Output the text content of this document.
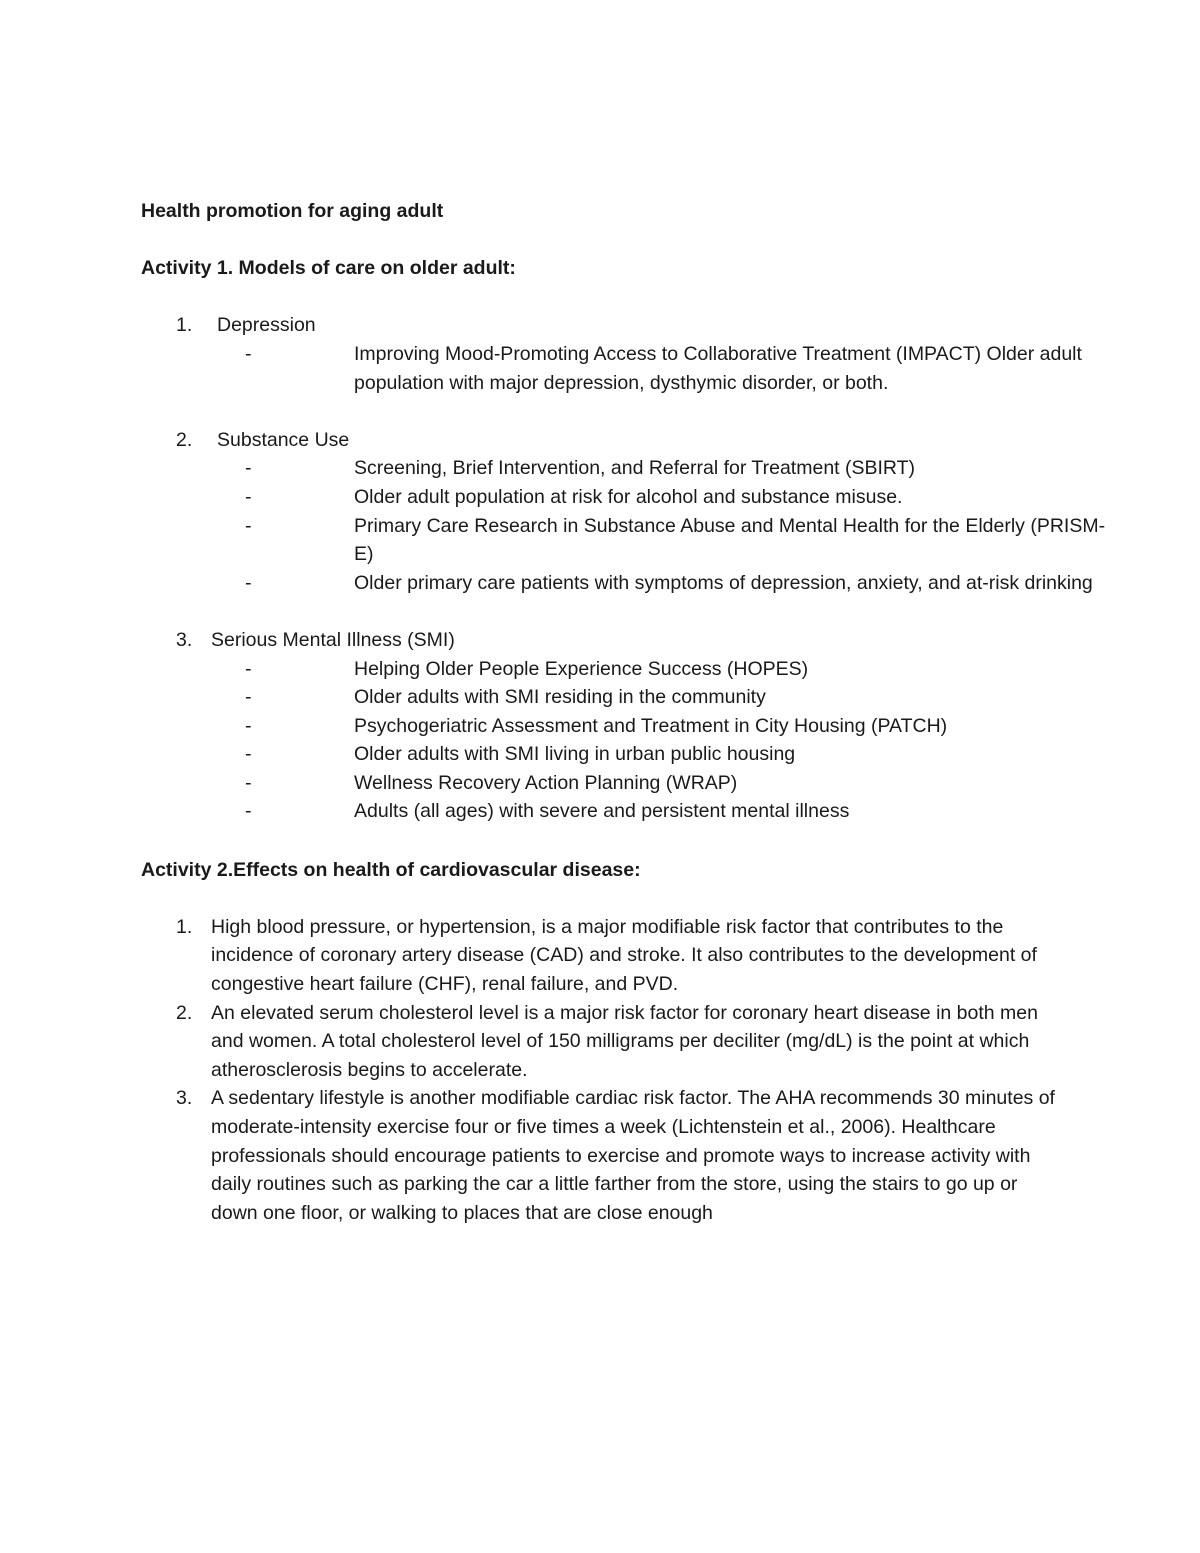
Health promotion for aging adult
Activity 1. Models of care on older adult:
1. Depression
-	Improving Mood-Promoting Access to Collaborative Treatment (IMPACT) Older adult population with major depression, dysthymic disorder, or both.
2. Substance Use
-	Screening, Brief Intervention, and Referral for Treatment (SBIRT)
-	Older adult population at risk for alcohol and substance misuse.
-	Primary Care Research in Substance Abuse and Mental Health for the Elderly (PRISM-E)
-	Older primary care patients with symptoms of depression, anxiety, and at-risk drinking
3. Serious Mental Illness (SMI)
-	Helping Older People Experience Success (HOPES)
-	Older adults with SMI residing in the community
-	Psychogeriatric Assessment and Treatment in City Housing (PATCH)
-	Older adults with SMI living in urban public housing
-	Wellness Recovery Action Planning (WRAP)
-	Adults (all ages) with severe and persistent mental illness
Activity 2.Effects on health of cardiovascular disease:
1. High blood pressure, or hypertension, is a major modifiable risk factor that contributes to the incidence of coronary artery disease (CAD) and stroke. It also contributes to the development of congestive heart failure (CHF), renal failure, and PVD.
2. An elevated serum cholesterol level is a major risk factor for coronary heart disease in both men and women. A total cholesterol level of 150 milligrams per deciliter (mg/dL) is the point at which atherosclerosis begins to accelerate.
3. A sedentary lifestyle is another modifiable cardiac risk factor. The AHA recommends 30 minutes of moderate-intensity exercise four or five times a week (Lichtenstein et al., 2006). Healthcare professionals should encourage patients to exercise and promote ways to increase activity with daily routines such as parking the car a little farther from the store, using the stairs to go up or down one floor, or walking to places that are close enough
